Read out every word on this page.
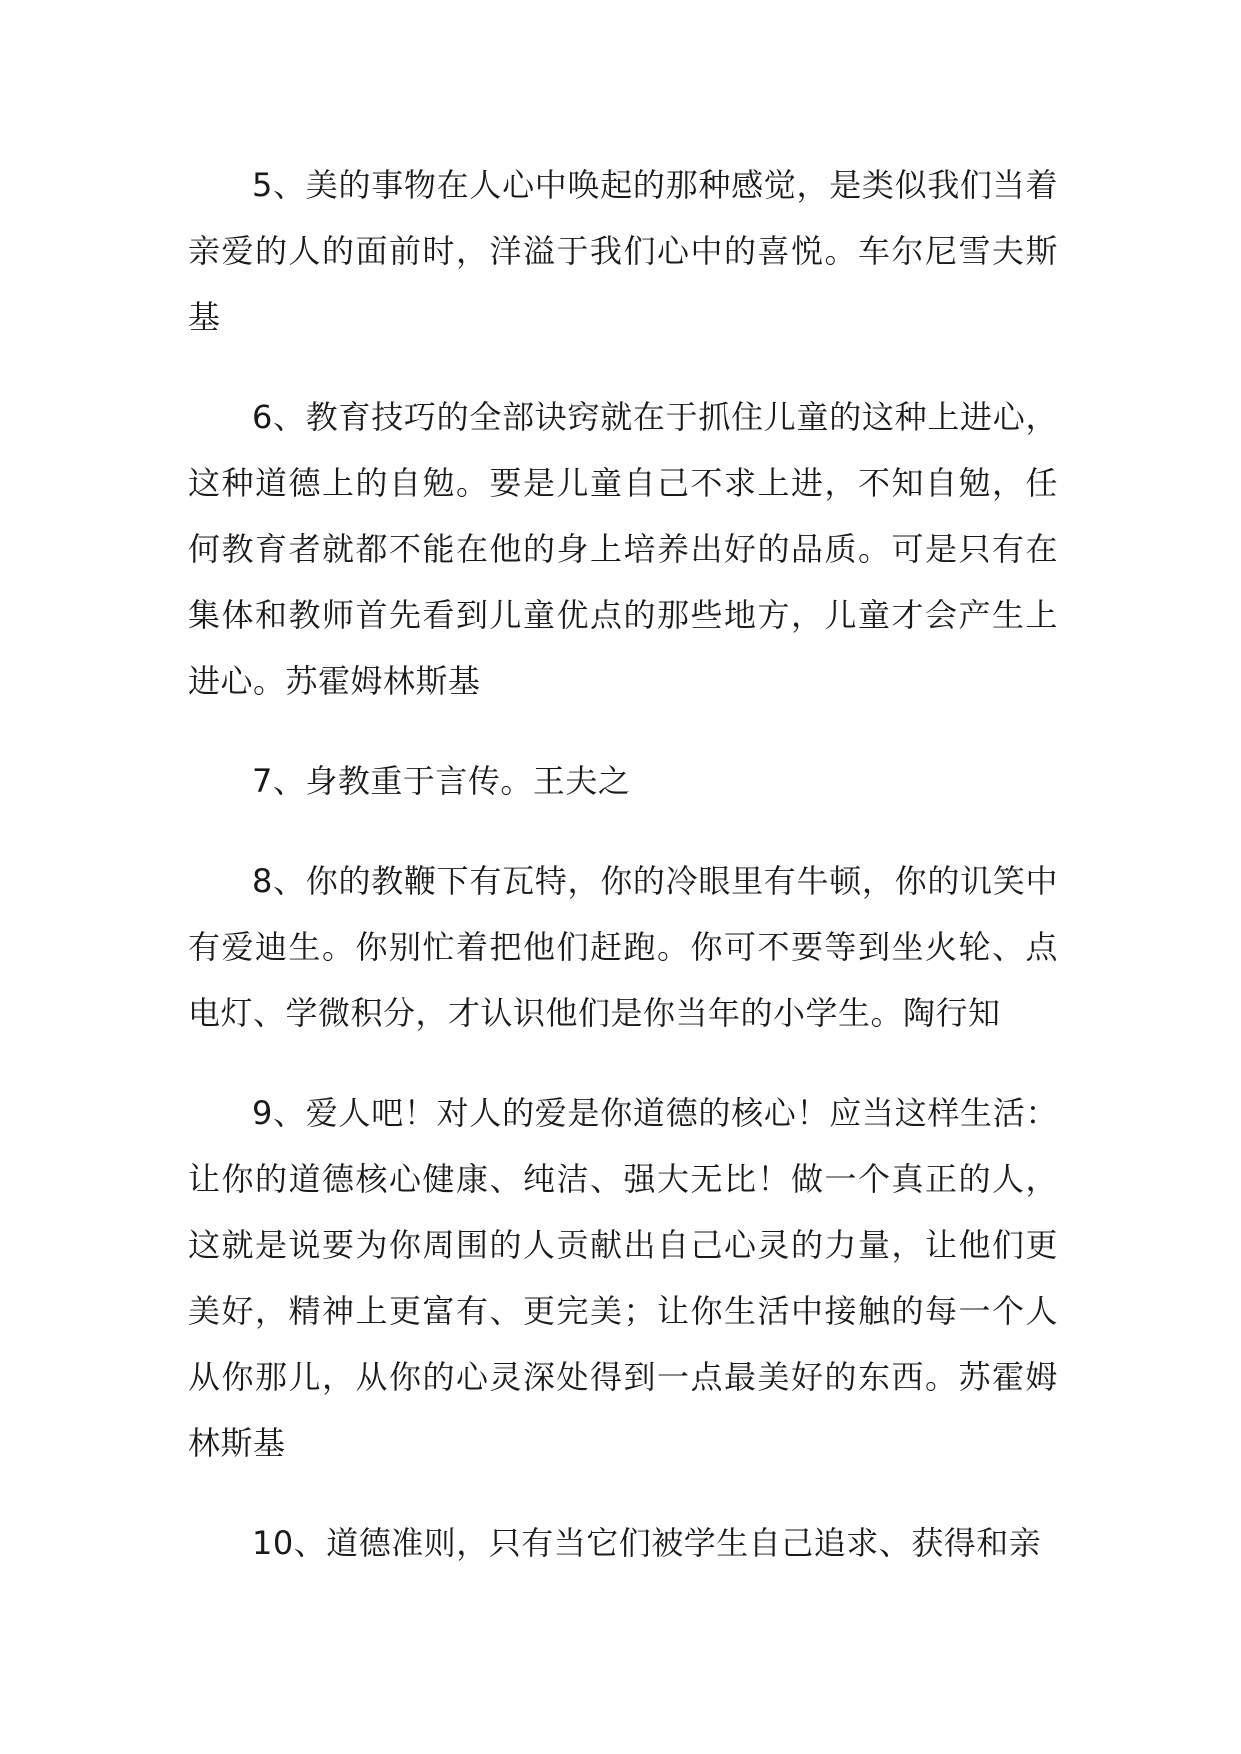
5、美的事物在人心中唤起的那种感觉，是类似我们当着亲爱的人的面前时，洋溢于我们心中的喜悦。车尔尼雪夫斯基

6、教育技巧的全部诀窍就在于抓住儿童的这种上进心，这种道德上的自勉。要是儿童自己不求上进，不知自勉，任何教育者就都不能在他的身上培养出好的品质。可是只有在集体和教师首先看到儿童优点的那些地方，儿童才会产生上进心。苏霍姆林斯基

7、身教重于言传。王夫之

8、你的教鞭下有瓦特，你的冷眼里有牛顿，你的讥笑中有爱迪生。你别忙着把他们赶跑。你可不要等到坐火轮、点电灯、学微积分，才认识他们是你当年的小学生。陶行知

9、爱人吧！对人的爱是你道德的核心！应当这样生活：让你的道德核心健康、纯洁、强大无比！做一个真正的人，这就是说要为你周围的人贡献出自己心灵的力量，让他们更美好，精神上更富有、更完美；让你生活中接触的每一个人从你那儿，从你的心灵深处得到一点最美好的东西。苏霍姆林斯基

10、道德准则，只有当它们被学生自己追求、获得和亲
